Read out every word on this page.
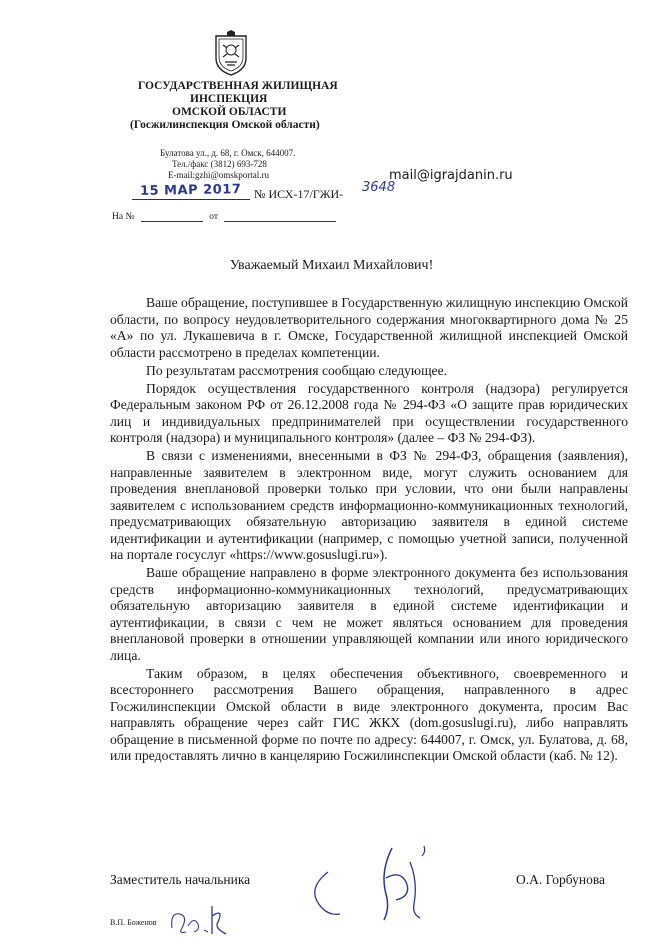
ГОСУДАРСТВЕННАЯ ЖИЛИЩНАЯ
ИНСПЕКЦИЯ
ОМСКОЙ ОБЛАСТИ
(Госжилинспекция Омской области)
Булатова ул., д. 68, г. Омск, 644007.
Тел./факс (3812) 693-728
E-mail:gzhi@omskportal.ru
15 МАР 2017 № ИСХ-17/ГЖИ- 3648
mail@igrajdanin.ru
На №	от
Уважаемый Михаил Михайлович!

Ваше обращение, поступившее в Государственную жилищную инспекцию Омской области, по вопросу неудовлетворительного содержания многоквартирного дома № 25 «А» по ул. Лукашевича в г. Омске, Государственной жилищной инспекцией Омской области рассмотрено в пределах компетенции.

По результатам рассмотрения сообщаю следующее.

Порядок осуществления государственного контроля (надзора) регулируется Федеральным законом РФ от 26.12.2008 года № 294-ФЗ «О защите прав юридических лиц и индивидуальных предпринимателей при осуществлении государственного контроля (надзора) и муниципального контроля» (далее – ФЗ № 294-ФЗ).

В связи с изменениями, внесенными в ФЗ № 294-ФЗ, обращения (заявления), направленные заявителем в электронном виде, могут служить основанием для проведения внеплановой проверки только при условии, что они были направлены заявителем с использованием средств информационно-коммуникационных технологий, предусматривающих обязательную авторизацию заявителя в единой системе идентификации и аутентификации (например, с помощью учетной записи, полученной на портале госуслуг «https://www.gosuslugi.ru»).

Ваше обращение направлено в форме электронного документа без использования средств информационно-коммуникационных технологий, предусматривающих обязательную авторизацию заявителя в единой системе идентификации и аутентификации, в связи с чем не может являться основанием для проведения внеплановой проверки в отношении управляющей компании или иного юридического лица.

Таким образом, в целях обеспечения объективного, своевременного и всестороннего рассмотрения Вашего обращения, направленного в адрес Госжилинспекции Омской области в виде электронного документа, просим Вас направлять обращение через сайт ГИС ЖКХ (dom.gosuslugi.ru), либо направлять обращение в письменной форме по почте по адресу: 644007, г. Омск, ул. Булатова, д. 68, или предоставлять лично в канцелярию Госжилинспекции Омской области (каб. № 12).

Заместитель начальника	О.А. Горбунова
В.П. Боженов
